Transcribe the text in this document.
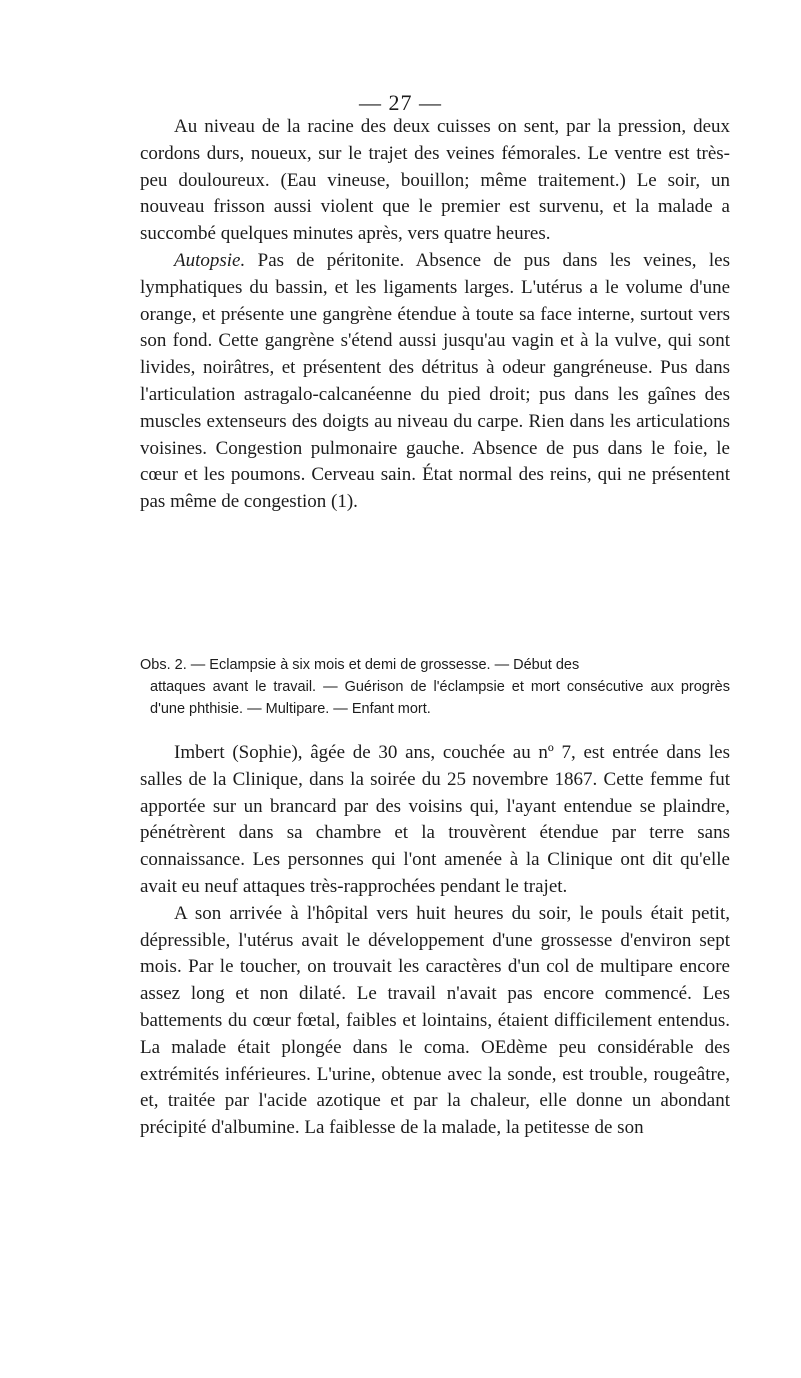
— 27 —

Au niveau de la racine des deux cuisses on sent, par la pression, deux cordons durs, noueux, sur le trajet des veines fémorales. Le ventre est très-peu douloureux. (Eau vineuse, bouillon; même traitement.) Le soir, un nouveau frisson aussi violent que le premier est survenu, et la malade a succombé quelques minutes après, vers quatre heures.

Autopsie. Pas de péritonite. Absence de pus dans les veines, les lymphatiques du bassin, et les ligaments larges. L'utérus a le volume d'une orange, et présente une gangrène étendue à toute sa face interne, surtout vers son fond. Cette gangrène s'étend aussi jusqu'au vagin et à la vulve, qui sont livides, noirâtres, et présentent des détritus à odeur gangréneuse. Pus dans l'articulation astragalo-calcanéenne du pied droit; pus dans les gaînes des muscles extenseurs des doigts au niveau du carpe. Rien dans les articulations voisines. Congestion pulmonaire gauche. Absence de pus dans le foie, le cœur et les poumons. Cerveau sain. État normal des reins, qui ne présentent pas même de congestion (1).

Obs. 2. — Eclampsie à six mois et demi de grossesse. — Début des

attaques avant le travail. — Guérison de l'éclampsie et mort consécutive aux progrès d'une phthisie. — Multipare. — Enfant mort.

Imbert (Sophie), âgée de 30 ans, couchée au nº 7, est entrée dans les salles de la Clinique, dans la soirée du 25 novembre 1867. Cette femme fut apportée sur un brancard par des voisins qui, l'ayant entendue se plaindre, pénétrèrent dans sa chambre et la trouvèrent étendue par terre sans connaissance. Les personnes qui l'ont amenée à la Clinique ont dit qu'elle avait eu neuf attaques très-rapprochées pendant le trajet.

A son arrivée à l'hôpital vers huit heures du soir, le pouls était petit, dépressible, l'utérus avait le développement d'une grossesse d'environ sept mois. Par le toucher, on trouvait les caractères d'un col de multipare encore assez long et non dilaté. Le travail n'avait pas encore commencé. Les battements du cœur fœtal, faibles et lointains, étaient difficilement entendus. La malade était plongée dans le coma. OEdème peu considérable des extrémités inférieures. L'urine, obtenue avec la sonde, est trouble, rougeâtre, et, traitée par l'acide azotique et par la chaleur, elle donne un abondant précipité d'albumine. La faiblesse de la malade, la petitesse de son
